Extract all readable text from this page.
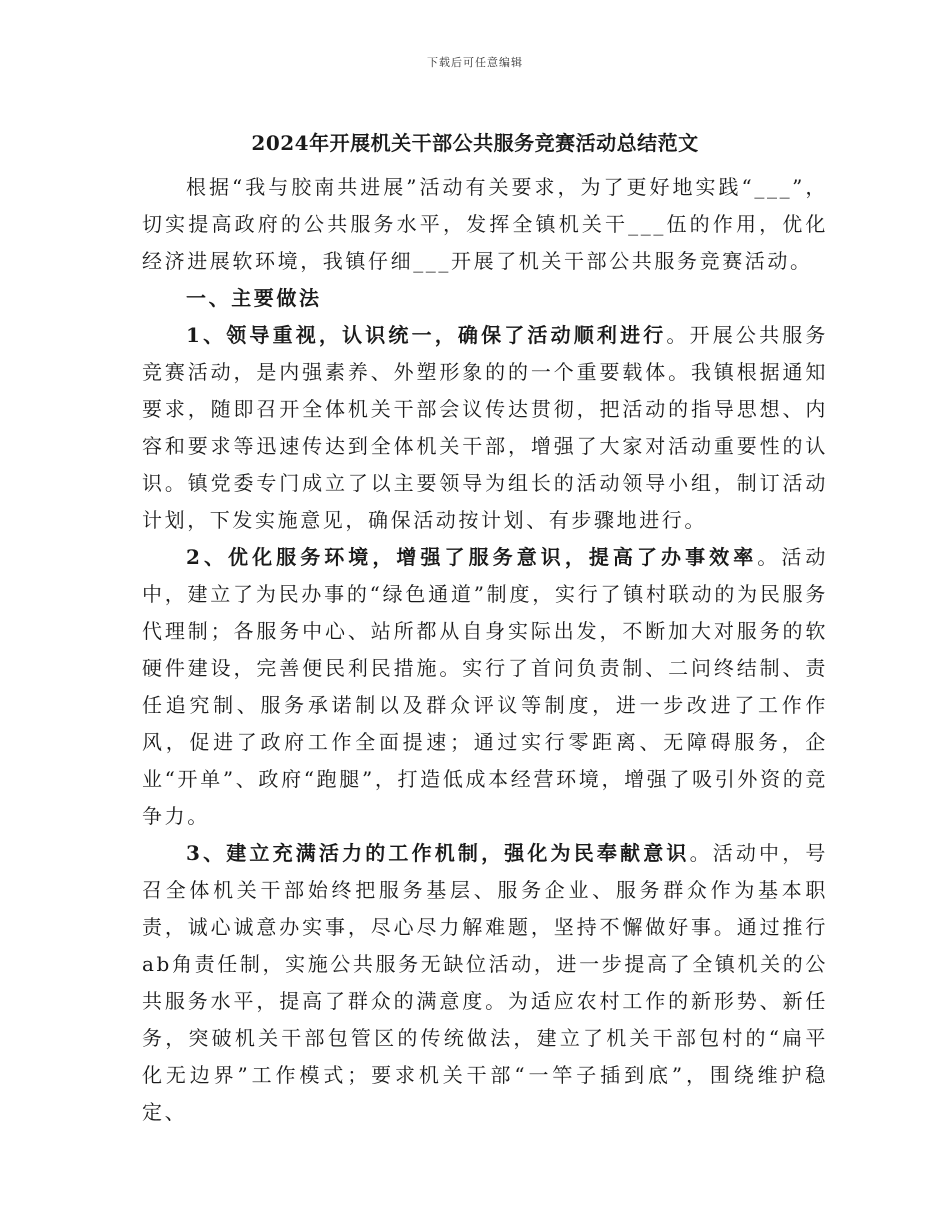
下载后可任意编辑
2024年开展机关干部公共服务竞赛活动总结范文

根据“我与胶南共进展”活动有关要求，为了更好地实践“___”，切实提高政府的公共服务水平，发挥全镇机关干___伍的作用，优化经济进展软环境，我镇仔细___开展了机关干部公共服务竞赛活动。

一、主要做法

1、领导重视，认识统一，确保了活动顺利进行。开展公共服务竞赛活动，是内强素养、外塑形象的的一个重要载体。我镇根据通知要求，随即召开全体机关干部会议传达贯彻，把活动的指导思想、内容和要求等迅速传达到全体机关干部，增强了大家对活动重要性的认识。镇党委专门成立了以主要领导为组长的活动领导小组，制订活动计划，下发实施意见，确保活动按计划、有步骤地进行。

2、优化服务环境，增强了服务意识，提高了办事效率。活动中，建立了为民办事的“绿色通道”制度，实行了镇村联动的为民服务代理制；各服务中心、站所都从自身实际出发，不断加大对服务的软硬件建设，完善便民利民措施。实行了首问负责制、二问终结制、责任追究制、服务承诺制以及群众评议等制度，进一步改进了工作作风，促进了政府工作全面提速；通过实行零距离、无障碍服务，企业“开单”、政府“跑腿”，打造低成本经营环境，增强了吸引外资的竞争力。

3、建立充满活力的工作机制，强化为民奉献意识。活动中，号召全体机关干部始终把服务基层、服务企业、服务群众作为基本职责，诚心诚意办实事，尽心尽力解难题，坚持不懈做好事。通过推行ab角责任制，实施公共服务无缺位活动，进一步提高了全镇机关的公共服务水平，提高了群众的满意度。为适应农村工作的新形势、新任务，突破机关干部包管区的传统做法，建立了机关干部包村的“扁平化无边界”工作模式；要求机关干部“一竿子插到底”，围绕维护稳定、
